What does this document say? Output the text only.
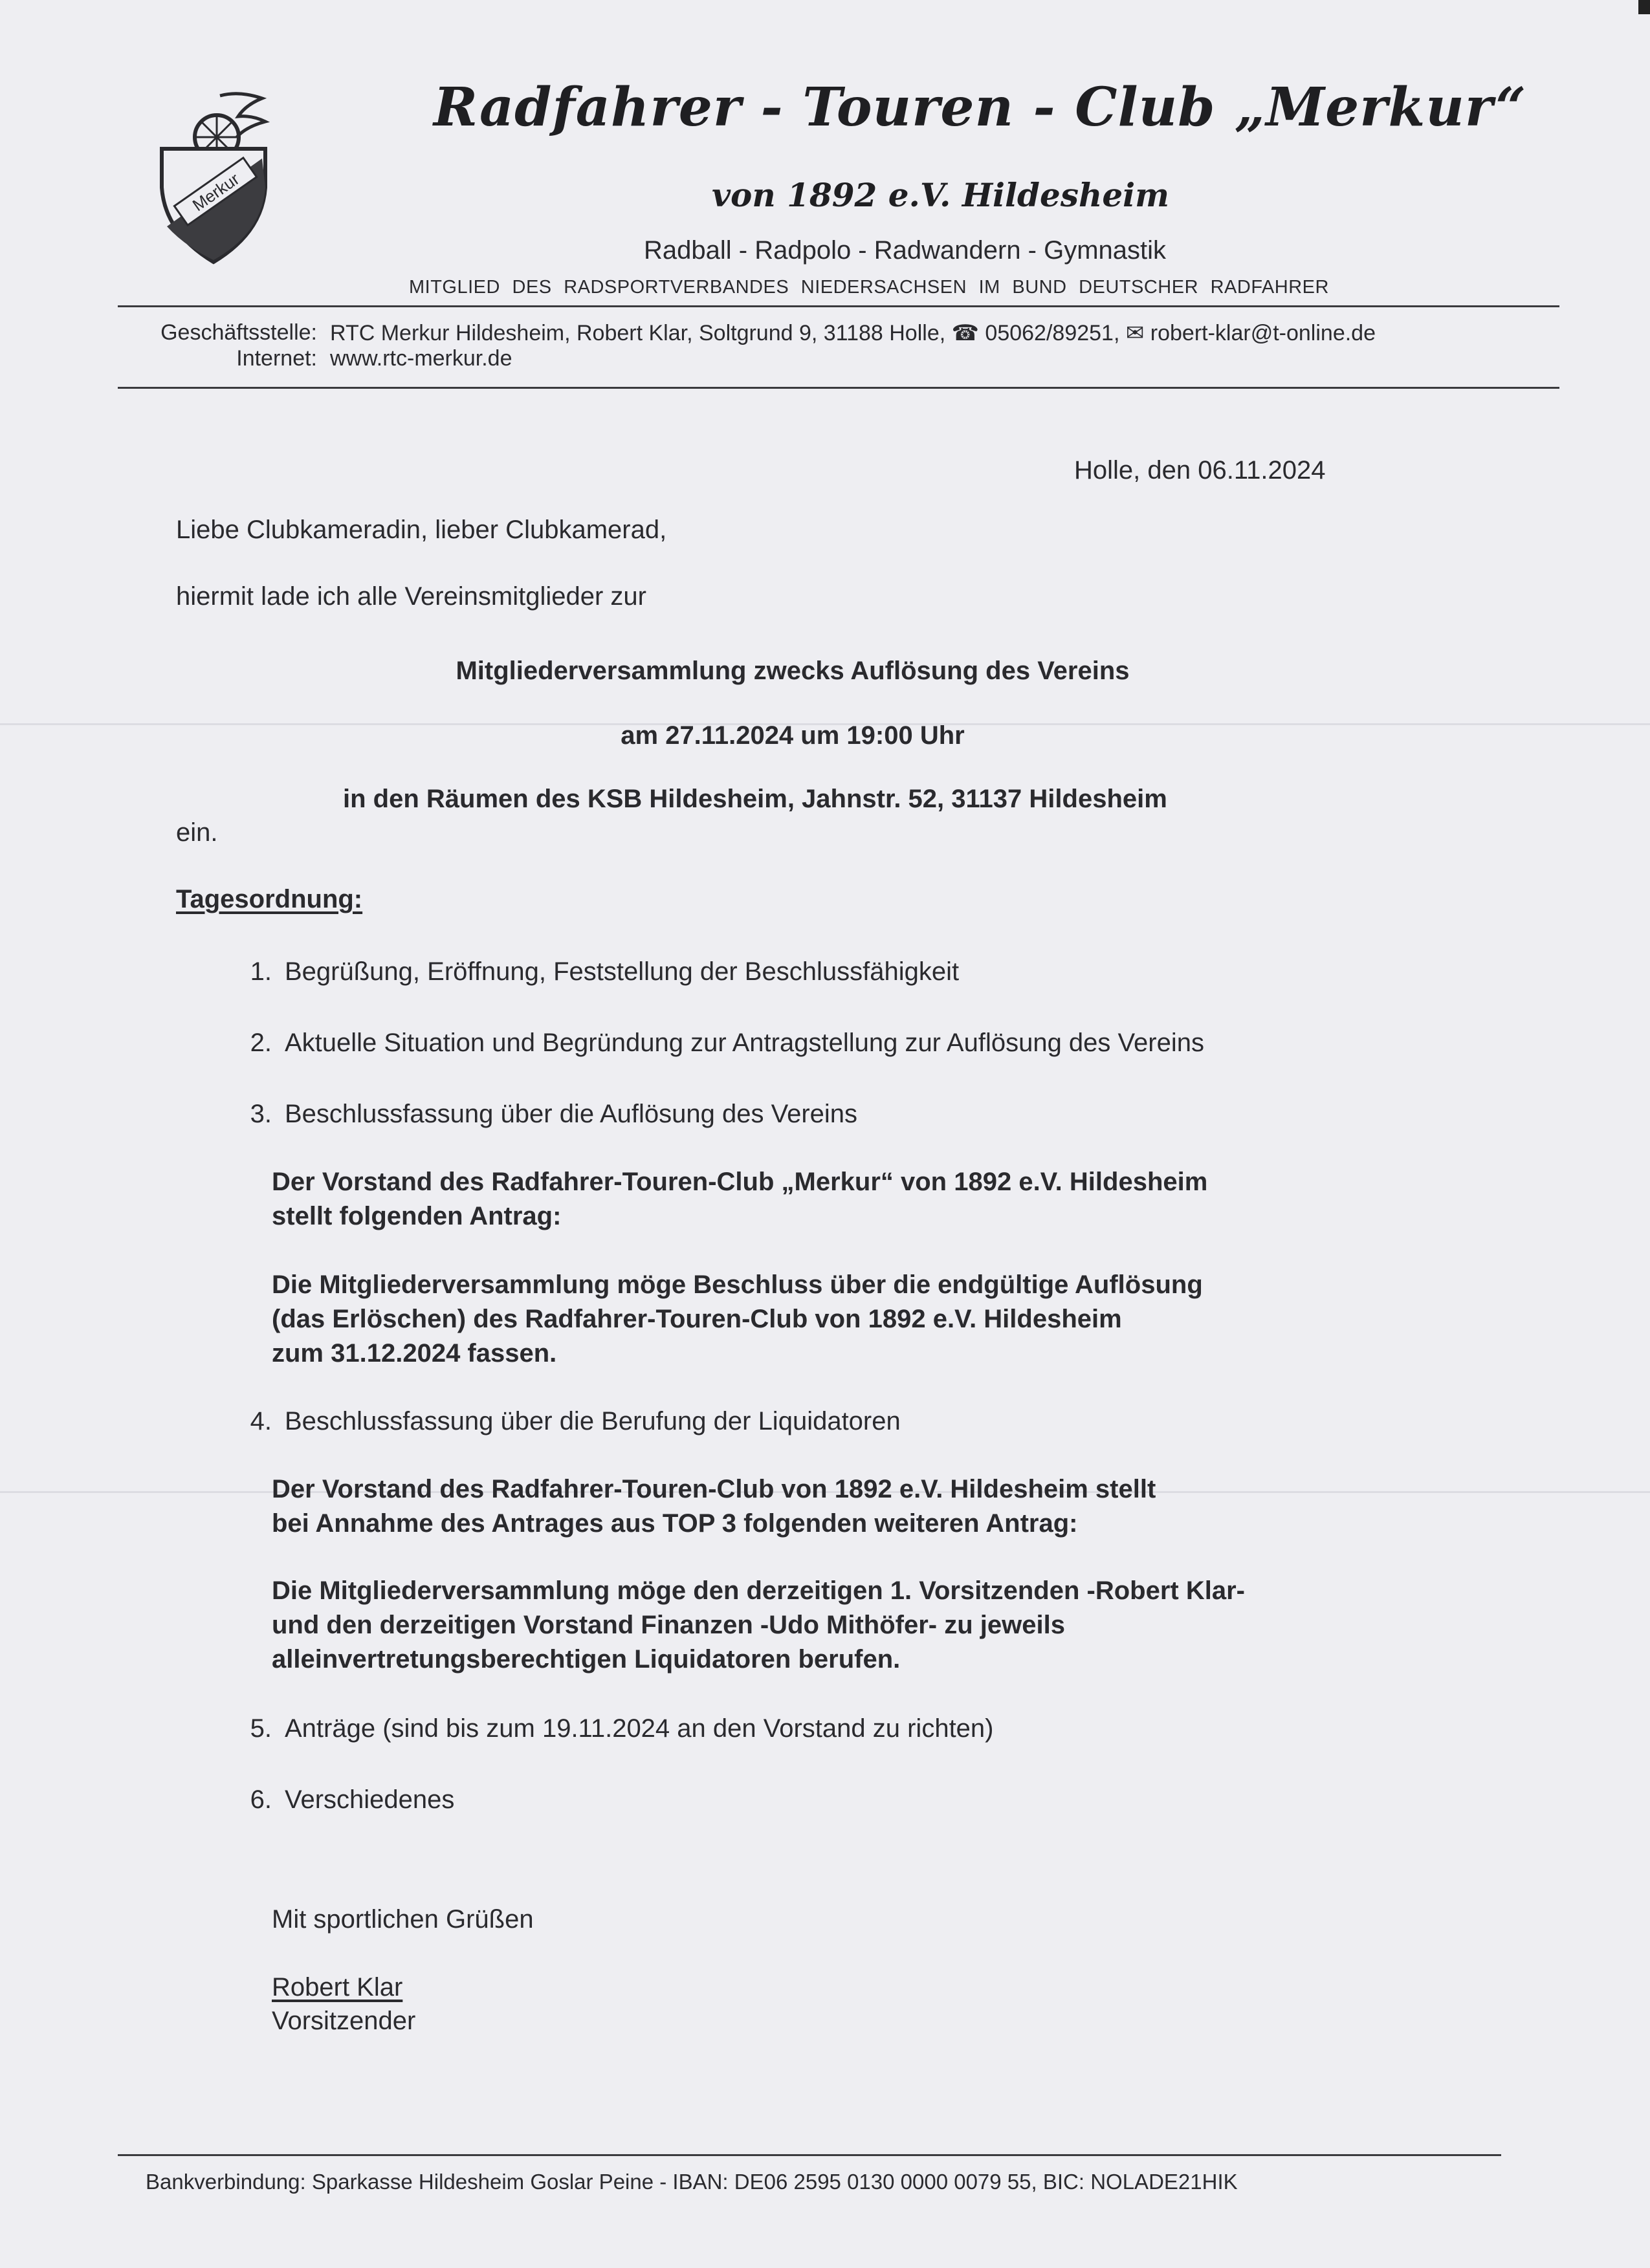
Merkur
Radfahrer - Touren - Club „Merkur“
von 1892 e.V. Hildesheim
Radball - Radpolo - Radwandern - Gymnastik
MITGLIED DES RADSPORTVERBANDES NIEDERSACHSEN IM BUND DEUTSCHER RADFAHRER
Geschäftsstelle: RTC Merkur Hildesheim, Robert Klar, Soltgrund 9, 31188 Holle, ☎ 05062/89251, ✉ robert-klar@t-online.de
Internet: www.rtc-merkur.de
Holle, den 06.11.2024
Liebe Clubkameradin, lieber Clubkamerad,
hiermit lade ich alle Vereinsmitglieder zur
Mitgliederversammlung zwecks Auflösung des Vereins
am 27.11.2024 um 19:00 Uhr
in den Räumen des KSB Hildesheim, Jahnstr. 52, 31137 Hildesheim
ein.
Tagesordnung:
1. Begrüßung, Eröffnung, Feststellung der Beschlussfähigkeit
2. Aktuelle Situation und Begründung zur Antragstellung zur Auflösung des Vereins
3. Beschlussfassung über die Auflösung des Vereins
Der Vorstand des Radfahrer-Touren-Club „Merkur“ von 1892 e.V. Hildesheim
stellt folgenden Antrag:
Die Mitgliederversammlung möge Beschluss über die endgültige Auflösung
(das Erlöschen) des Radfahrer-Touren-Club von 1892 e.V. Hildesheim
zum 31.12.2024 fassen.
4. Beschlussfassung über die Berufung der Liquidatoren
Der Vorstand des Radfahrer-Touren-Club von 1892 e.V. Hildesheim stellt
bei Annahme des Antrages aus TOP 3 folgenden weiteren Antrag:
Die Mitgliederversammlung möge den derzeitigen 1. Vorsitzenden -Robert Klar-
und den derzeitigen Vorstand Finanzen -Udo Mithöfer- zu jeweils
alleinvertretungsberechtigen Liquidatoren berufen.
5. Anträge (sind bis zum 19.11.2024 an den Vorstand zu richten)
6. Verschiedenes
Mit sportlichen Grüßen
Robert Klar
Vorsitzender
Bankverbindung: Sparkasse Hildesheim Goslar Peine - IBAN: DE06 2595 0130 0000 0079 55, BIC: NOLADE21HIK
